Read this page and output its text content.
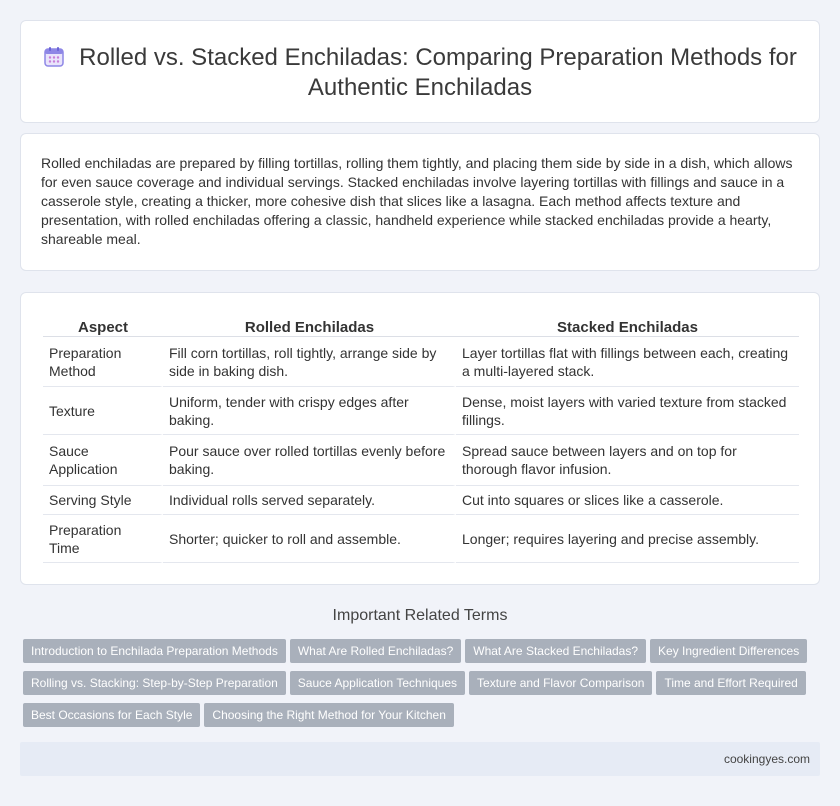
Rolled vs. Stacked Enchiladas: Comparing Preparation Methods for Authentic Enchiladas

Rolled enchiladas are prepared by filling tortillas, rolling them tightly, and placing them side by side in a dish, which allows for even sauce coverage and individual servings. Stacked enchiladas involve layering tortillas with fillings and sauce in a casserole style, creating a thicker, more cohesive dish that slices like a lasagna. Each method affects texture and presentation, with rolled enchiladas offering a classic, handheld experience while stacked enchiladas provide a hearty, shareable meal.

Aspect	Rolled Enchiladas	Stacked Enchiladas
Preparation Method	Fill corn tortillas, roll tightly, arrange side by side in baking dish.	Layer tortillas flat with fillings between each, creating a multi-layered stack.
Texture	Uniform, tender with crispy edges after baking.	Dense, moist layers with varied texture from stacked fillings.
Sauce Application	Pour sauce over rolled tortillas evenly before baking.	Spread sauce between layers and on top for thorough flavor infusion.
Serving Style	Individual rolls served separately.	Cut into squares or slices like a casserole.
Preparation Time	Shorter; quicker to roll and assemble.	Longer; requires layering and precise assembly.
Important Related Terms
Introduction to Enchilada Preparation Methods What Are Rolled Enchiladas? What Are Stacked Enchiladas? Key Ingredient Differences
Rolling vs. Stacking: Step-by-Step Preparation Sauce Application Techniques Texture and Flavor Comparison Time and Effort Required
Best Occasions for Each Style Choosing the Right Method for Your Kitchen
cookingyes.com
